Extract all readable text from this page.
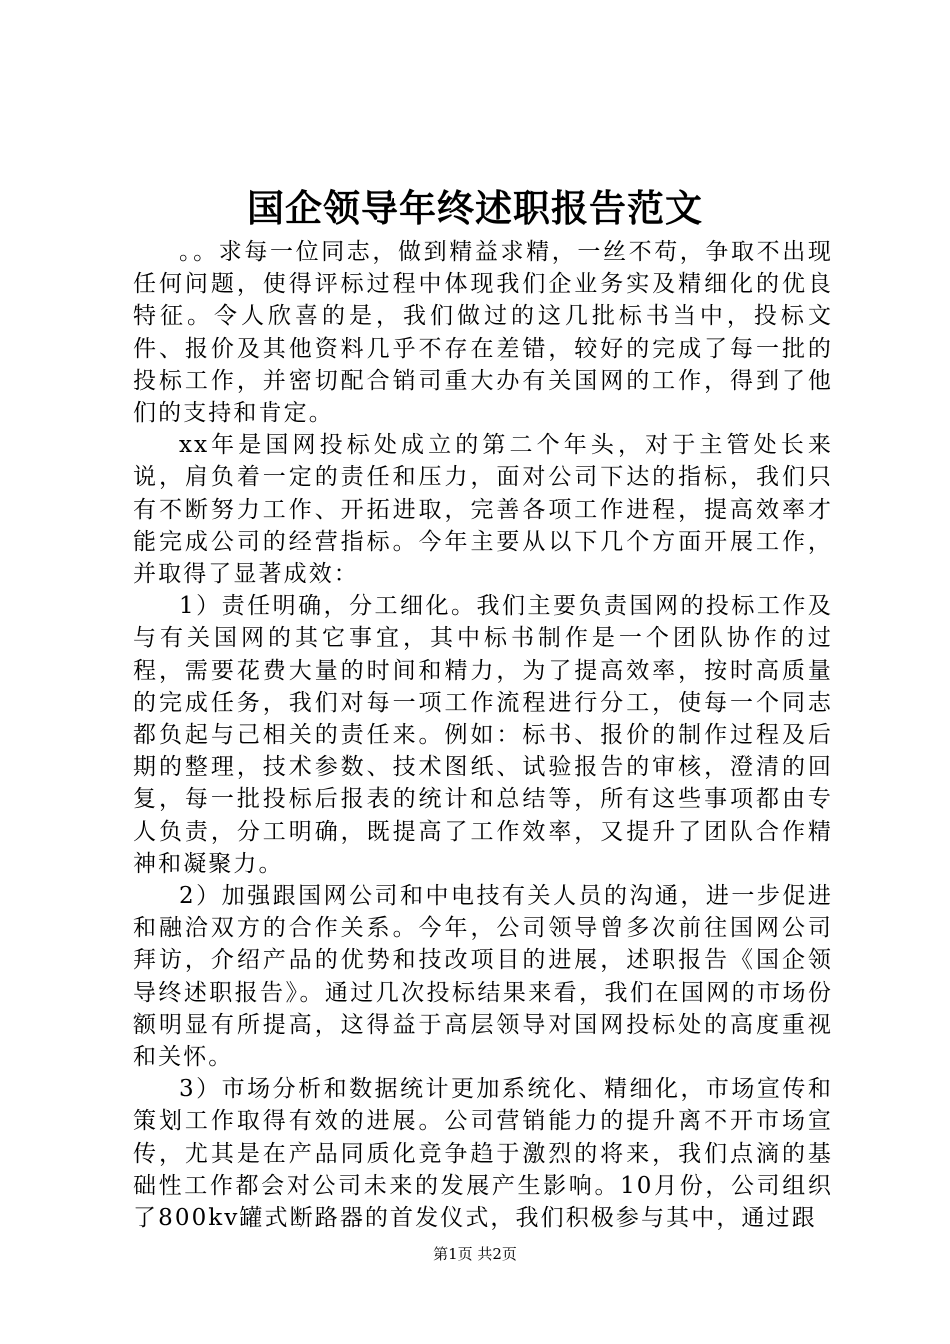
国企领导年终述职报告范文

。。求每一位同志，做到精益求精，一丝不苟，争取不出现任何问题，使得评标过程中体现我们企业务实及精细化的优良特征。令人欣喜的是，我们做过的这几批标书当中，投标文件、报价及其他资料几乎不存在差错，较好的完成了每一批的投标工作，并密切配合销司重大办有关国网的工作，得到了他们的支持和肯定。

xx年是国网投标处成立的第二个年头，对于主管处长来说，肩负着一定的责任和压力，面对公司下达的指标，我们只有不断努力工作、开拓进取，完善各项工作进程，提高效率才能完成公司的经营指标。今年主要从以下几个方面开展工作，并取得了显著成效：

1）责任明确，分工细化。我们主要负责国网的投标工作及与有关国网的其它事宜，其中标书制作是一个团队协作的过程，需要花费大量的时间和精力，为了提高效率，按时高质量的完成任务，我们对每一项工作流程进行分工，使每一个同志都负起与己相关的责任来。例如：标书、报价的制作过程及后期的整理，技术参数、技术图纸、试验报告的审核，澄清的回复，每一批投标后报表的统计和总结等，所有这些事项都由专人负责，分工明确，既提高了工作效率，又提升了团队合作精神和凝聚力。

2）加强跟国网公司和中电技有关人员的沟通，进一步促进和融洽双方的合作关系。今年，公司领导曾多次前往国网公司拜访，介绍产品的优势和技改项目的进展，述职报告《国企领导终述职报告》。通过几次投标结果来看，我们在国网的市场份额明显有所提高，这得益于高层领导对国网投标处的高度重视和关怀。

3）市场分析和数据统计更加系统化、精细化，市场宣传和策划工作取得有效的进展。公司营销能力的提升离不开市场宣传，尤其是在产品同质化竞争趋于激烈的将来，我们点滴的基础性工作都会对公司未来的发展产生影响。10月份，公司组织了800kv罐式断路器的首发仪式，我们积极参与其中，通过跟

第1页 共2页
